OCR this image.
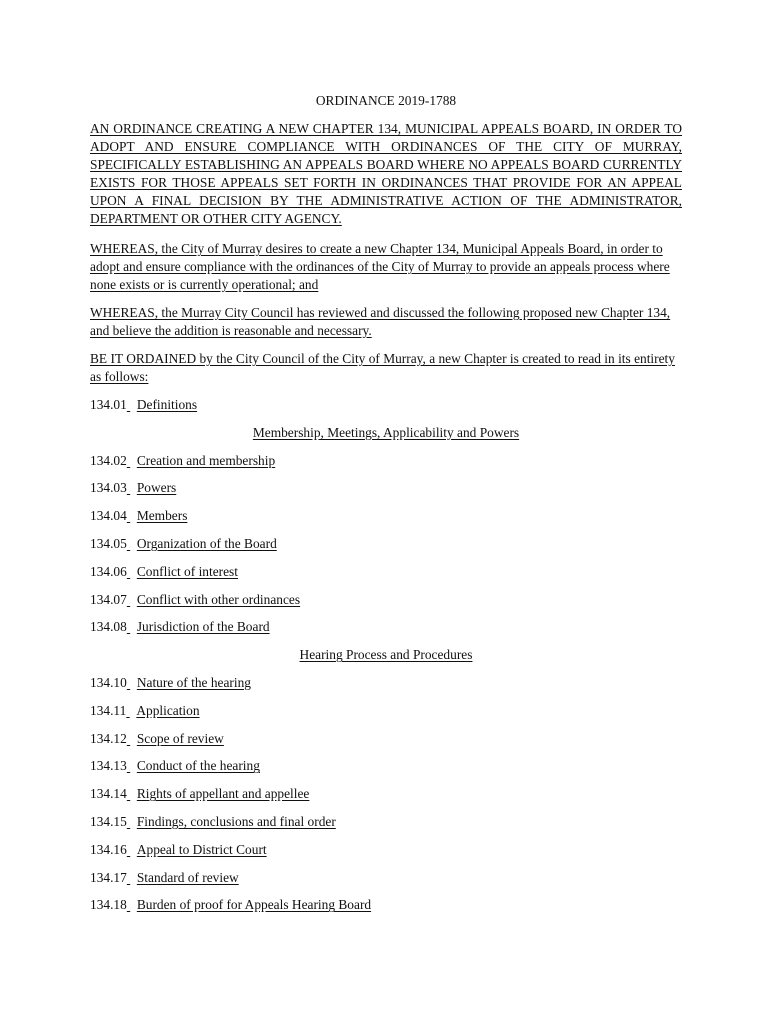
ORDINANCE 2019-1788
AN ORDINANCE CREATING A NEW CHAPTER 134, MUNICIPAL APPEALS BOARD, IN ORDER TO ADOPT AND ENSURE COMPLIANCE WITH ORDINANCES OF THE CITY OF MURRAY, SPECIFICALLY ESTABLISHING AN APPEALS BOARD WHERE NO APPEALS BOARD CURRENTLY EXISTS FOR THOSE APPEALS SET FORTH IN ORDINANCES THAT PROVIDE FOR AN APPEAL UPON A FINAL DECISION BY THE ADMINISTRATIVE ACTION OF THE ADMINISTRATOR, DEPARTMENT OR OTHER CITY AGENCY.
WHEREAS, the City of Murray desires to create a new Chapter 134, Municipal Appeals Board, in order to adopt and ensure compliance with the ordinances of the City of Murray to provide an appeals process where none exists or is currently operational; and
WHEREAS, the Murray City Council has reviewed and discussed the following proposed new Chapter 134, and believe the addition is reasonable and necessary.
BE IT ORDAINED by the City Council of the City of Murray, a new Chapter is created to read in its entirety as follows:
134.01 Definitions
Membership, Meetings, Applicability and Powers
134.02 Creation and membership
134.03 Powers
134.04 Members
134.05 Organization of the Board
134.06 Conflict of interest
134.07 Conflict with other ordinances
134.08 Jurisdiction of the Board
Hearing Process and Procedures
134.10 Nature of the hearing
134.11 Application
134.12 Scope of review
134.13 Conduct of the hearing
134.14 Rights of appellant and appellee
134.15 Findings, conclusions and final order
134.16 Appeal to District Court
134.17 Standard of review
134.18 Burden of proof for Appeals Hearing Board
